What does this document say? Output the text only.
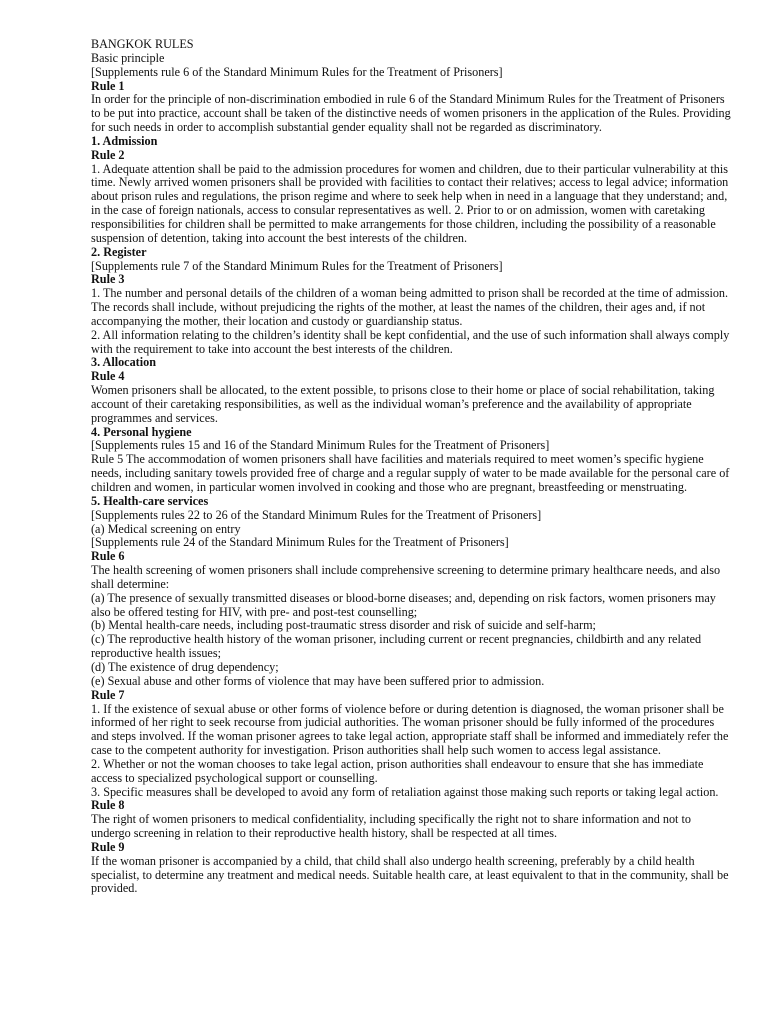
BANGKOK RULES

Basic principle

[Supplements rule 6 of the Standard Minimum Rules for the Treatment of Prisoners]

Rule 1

In order for the principle of non-discrimination embodied in rule 6 of the Standard Minimum Rules for the Treatment of Prisoners to be put into practice, account shall be taken of the distinctive needs of women prisoners in the application of the Rules. Providing for such needs in order to accomplish substantial gender equality shall not be regarded as discriminatory.

1. Admission

Rule 2

1. Adequate attention shall be paid to the admission procedures for women and children, due to their particular vulnerability at this time. Newly arrived women prisoners shall be provided with facilities to contact their relatives; access to legal advice; information about prison rules and regulations, the prison regime and where to seek help when in need in a language that they understand; and, in the case of foreign nationals, access to consular representatives as well. 2. Prior to or on admission, women with caretaking responsibilities for children shall be permitted to make arrangements for those children, including the possibility of a reasonable suspension of detention, taking into account the best interests of the children.

2. Register

[Supplements rule 7 of the Standard Minimum Rules for the Treatment of Prisoners]

Rule 3

1. The number and personal details of the children of a woman being admitted to prison shall be recorded at the time of admission. The records shall include, without prejudicing the rights of the mother, at least the names of the children, their ages and, if not accompanying the mother, their location and custody or guardianship status.

2. All information relating to the children’s identity shall be kept confidential, and the use of such information shall always comply with the requirement to take into account the best interests of the children.

3. Allocation

Rule 4

Women prisoners shall be allocated, to the extent possible, to prisons close to their home or place of social rehabilitation, taking account of their caretaking responsibilities, as well as the individual woman’s preference and the availability of appropriate programmes and services.

4. Personal hygiene

[Supplements rules 15 and 16 of the Standard Minimum Rules for the Treatment of Prisoners]

Rule 5 The accommodation of women prisoners shall have facilities and materials required to meet women’s specific hygiene needs, including sanitary towels provided free of charge and a regular supply of water to be made available for the personal care of children and women, in particular women involved in cooking and those who are pregnant, breastfeeding or menstruating.

5. Health-care services

[Supplements rules 22 to 26 of the Standard Minimum Rules for the Treatment of Prisoners]

(a) Medical screening on entry

[Supplements rule 24 of the Standard Minimum Rules for the Treatment of Prisoners]

Rule 6

The health screening of women prisoners shall include comprehensive screening to determine primary healthcare needs, and also shall determine:

(a) The presence of sexually transmitted diseases or blood-borne diseases; and, depending on risk factors, women prisoners may also be offered testing for HIV, with pre- and post-test counselling;

(b) Mental health-care needs, including post-traumatic stress disorder and risk of suicide and self-harm;

(c) The reproductive health history of the woman prisoner, including current or recent pregnancies, childbirth and any related reproductive health issues;

(d) The existence of drug dependency;

(e) Sexual abuse and other forms of violence that may have been suffered prior to admission.

Rule 7

1. If the existence of sexual abuse or other forms of violence before or during detention is diagnosed, the woman prisoner shall be informed of her right to seek recourse from judicial authorities. The woman prisoner should be fully informed of the procedures and steps involved. If the woman prisoner agrees to take legal action, appropriate staff shall be informed and immediately refer the case to the competent authority for investigation. Prison authorities shall help such women to access legal assistance.

2. Whether or not the woman chooses to take legal action, prison authorities shall endeavour to ensure that she has immediate access to specialized psychological support or counselling.

3. Specific measures shall be developed to avoid any form of retaliation against those making such reports or taking legal action.

Rule 8

The right of women prisoners to medical confidentiality, including specifically the right not to share information and not to undergo screening in relation to their reproductive health history, shall be respected at all times.

Rule 9

If the woman prisoner is accompanied by a child, that child shall also undergo health screening, preferably by a child health specialist, to determine any treatment and medical needs. Suitable health care, at least equivalent to that in the community, shall be provided.
